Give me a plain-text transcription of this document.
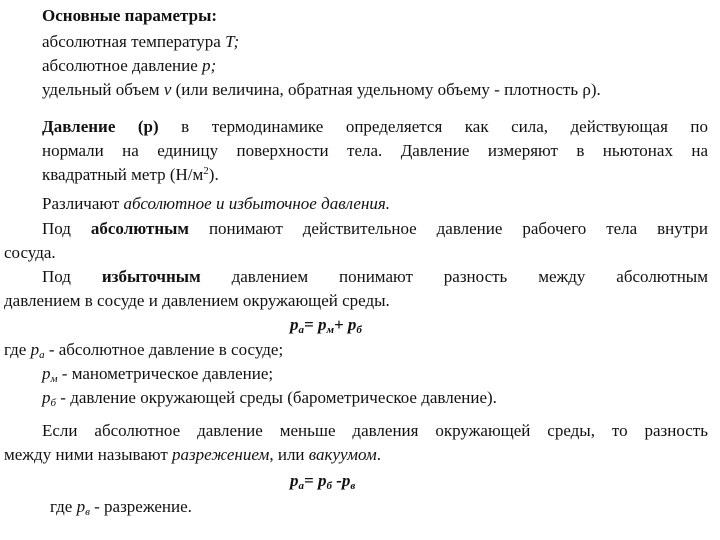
Основные параметры:
абсолютная температура T;
абсолютное давление p;
удельный объем v (или величина, обратная удельному объему - плотность ρ).
Давление (p) в термодинамике определяется как сила, действующая по
нормали на единицу поверхности тела. Давление измеряют в ньютонах на
квадратный метр $(Н/м^2)$.
Различают абсолютное и избыточное давления.
Под абсолютным понимают действительное давление рабочего тела внутри
сосуда.
Под избыточным давлением понимают разность между абсолютным
давлением в сосуде и давлением окружающей среды.
$p_а= p_м+ p_б$
где $p_а$ - абсолютное давление в сосуде;
$p_м$ - манометрическое давление;
$p_б$ - давление окружающей среды (барометрическое давление).
Если абсолютное давление меньше давления окружающей среды, то разность
между ними называют разрежением, или вакуумом.
$p_а= p_б$ $-p_в$
где $p_в$ - разрежение.
